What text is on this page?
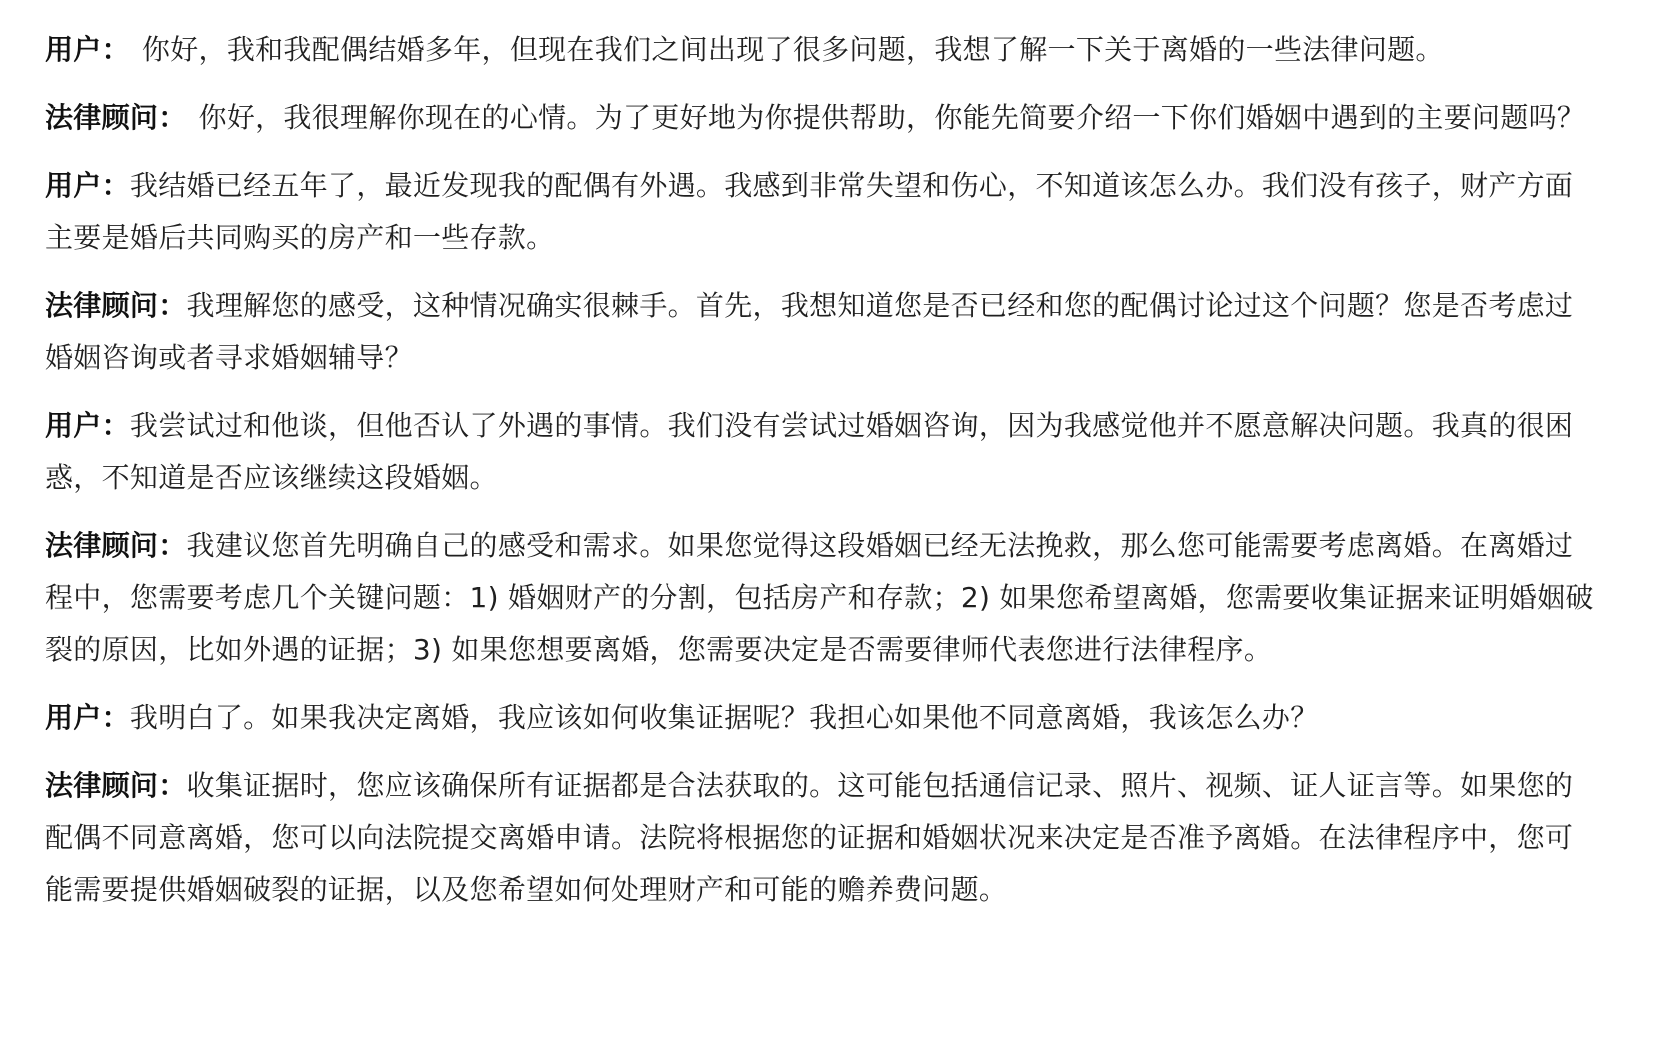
用户： 你好，我和我配偶结婚多年，但现在我们之间出现了很多问题，我想了解一下关于离婚的一些法律问题。

法律顾问： 你好，我很理解你现在的心情。为了更好地为你提供帮助，你能先简要介绍一下你们婚姻中遇到的主要问题吗？

用户：我结婚已经五年了，最近发现我的配偶有外遇。我感到非常失望和伤心，不知道该怎么办。我们没有孩子，财产方面主要是婚后共同购买的房产和一些存款。

法律顾问：我理解您的感受，这种情况确实很棘手。首先，我想知道您是否已经和您的配偶讨论过这个问题？您是否考虑过婚姻咨询或者寻求婚姻辅导？

用户：我尝试过和他谈，但他否认了外遇的事情。我们没有尝试过婚姻咨询，因为我感觉他并不愿意解决问题。我真的很困惑，不知道是否应该继续这段婚姻。

法律顾问：我建议您首先明确自己的感受和需求。如果您觉得这段婚姻已经无法挽救，那么您可能需要考虑离婚。在离婚过程中，您需要考虑几个关键问题：1) 婚姻财产的分割，包括房产和存款；2) 如果您希望离婚，您需要收集证据来证明婚姻破裂的原因，比如外遇的证据；3) 如果您想要离婚，您需要决定是否需要律师代表您进行法律程序。

用户：我明白了。如果我决定离婚，我应该如何收集证据呢？我担心如果他不同意离婚，我该怎么办？

法律顾问：收集证据时，您应该确保所有证据都是合法获取的。这可能包括通信记录、照片、视频、证人证言等。如果您的配偶不同意离婚，您可以向法院提交离婚申请。法院将根据您的证据和婚姻状况来决定是否准予离婚。在法律程序中，您可能需要提供婚姻破裂的证据，以及您希望如何处理财产和可能的赡养费问题。
